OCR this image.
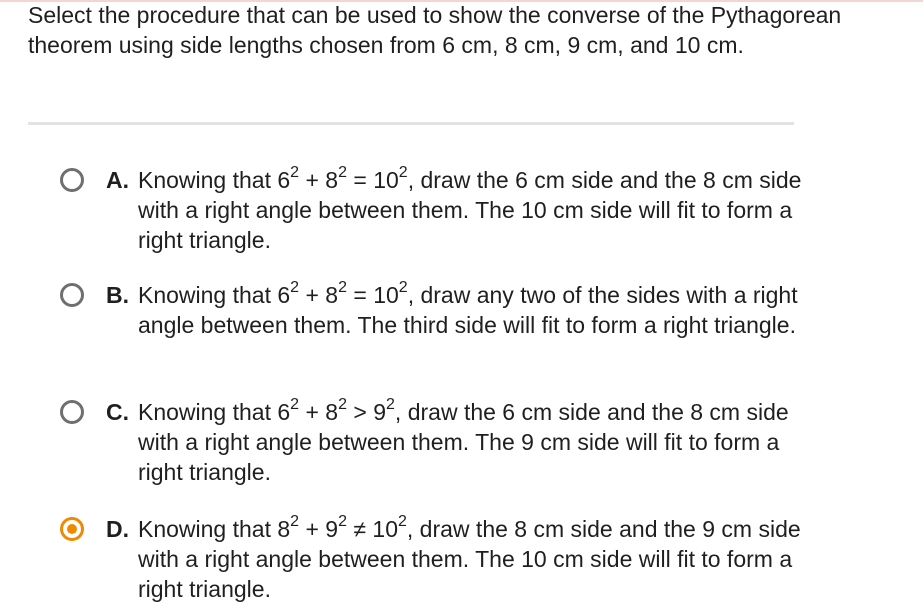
Select the procedure that can be used to show the converse of the Pythagorean theorem using side lengths chosen from 6 cm, 8 cm, 9 cm, and 10 cm.
A. Knowing that $6^2 + 8^2 = 10^2$, draw the 6 cm side and the 8 cm side with a right angle between them. The 10 cm side will fit to form a right triangle.
B. Knowing that $6^2 + 8^2 = 10^2$, draw any two of the sides with a right angle between them. The third side will fit to form a right triangle.
C. Knowing that $6^2 + 8^2 > 9^2$, draw the 6 cm side and the 8 cm side with a right angle between them. The 9 cm side will fit to form a right triangle.
D. Knowing that $8^2 + 9^2 \ne 10^2$, draw the 8 cm side and the 9 cm side with a right angle between them. The 10 cm side will fit to form a right triangle.
